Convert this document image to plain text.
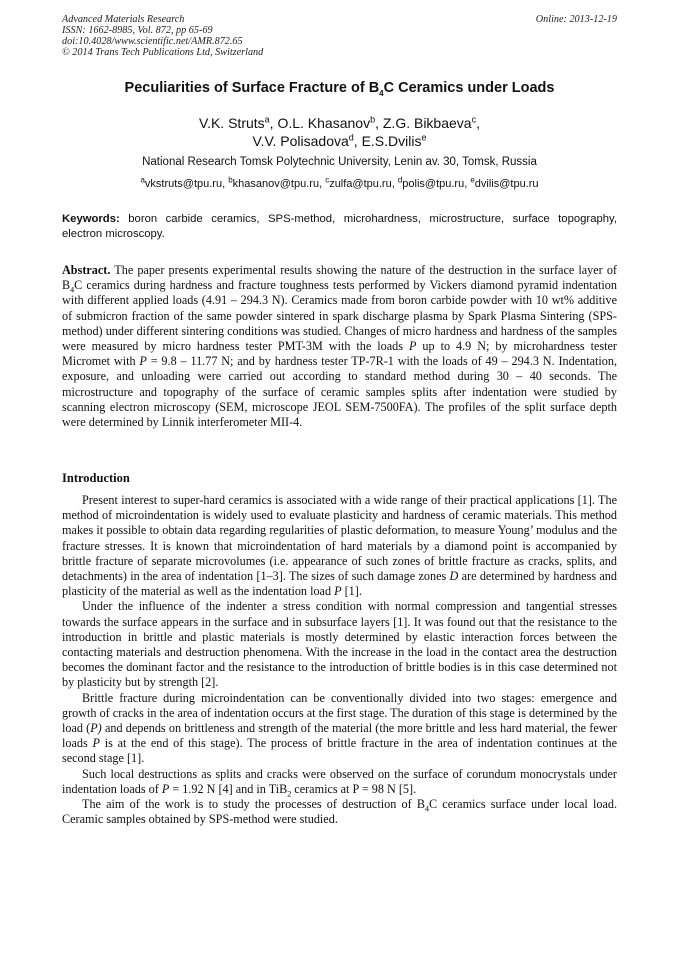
Advanced Materials Research
ISSN: 1662-8985, Vol. 872, pp 65-69
doi:10.4028/www.scientific.net/AMR.872.65
© 2014 Trans Tech Publications Ltd, Switzerland
Online: 2013-12-19
Peculiarities of Surface Fracture of $B_4C$ Ceramics under Loads
V.K. Struts$^a$, O.L. Khasanov$^b$, Z.G. Bikbaeva$^c$,
V.V. Polisadova$^d$, E.S.Dvilis$^e$
National Research Tomsk Polytechnic University, Lenin av. 30, Tomsk, Russia
$^a$vkstruts@tpu.ru, $^b$khasanov@tpu.ru, $^c$zulfa@tpu.ru, $^d$polis@tpu.ru, $^e$dvilis@tpu.ru
Keywords: boron carbide ceramics, SPS-method, microhardness, microstructure, surface topography, electron microscopy.
Abstract. The paper presents experimental results showing the nature of the destruction in the surface layer of $B_4C$ ceramics during hardness and fracture toughness tests performed by Vickers diamond pyramid indentation with different applied loads (4.91 – 294.3 N). Ceramics made from boron carbide powder with 10 wt% additive of submicron fraction of the same powder sintered in spark discharge plasma by Spark Plasma Sintering (SPS-method) under different sintering conditions was studied. Changes of micro hardness and hardness of the samples were measured by micro hardness tester PMT-3M with the loads P up to 4.9 N; by microhardness tester Micromet with P = 9.8 – 11.77 N; and by hardness tester TP-7R-1 with the loads of 49 – 294.3 N. Indentation, exposure, and unloading were carried out according to standard method during 30 – 40 seconds. The microstructure and topography of the surface of ceramic samples splits after indentation were studied by scanning electron microscopy (SEM, microscope JEOL SEM-7500FA). The profiles of the split surface depth were determined by Linnik interferometer MII-4.
Introduction

Present interest to super-hard ceramics is associated with a wide range of their practical applications [1]. The method of microindentation is widely used to evaluate plasticity and hardness of ceramic materials. This method makes it possible to obtain data regarding regularities of plastic deformation, to measure Young’ modulus and the fracture stresses. It is known that microindentation of hard materials by a diamond point is accompanied by brittle fracture of separate microvolumes (i.e. appearance of such zones of brittle fracture as cracks, splits, and detachments) in the area of indentation [1–3]. The sizes of such damage zones D are determined by hardness and plasticity of the material as well as the indentation load P [1].

Under the influence of the indenter a stress condition with normal compression and tangential stresses towards the surface appears in the surface and in subsurface layers [1]. It was found out that the resistance to the introduction in brittle and plastic materials is mostly determined by elastic interaction forces between the contacting materials and destruction phenomena. With the increase in the load in the contact area the destruction becomes the dominant factor and the resistance to the introduction of brittle bodies is in this case determined not by plasticity but by strength [2].

Brittle fracture during microindentation can be conventionally divided into two stages: emergence and growth of cracks in the area of indentation occurs at the first stage. The duration of this stage is determined by the load (P) and depends on brittleness and strength of the material (the more brittle and less hard material, the fewer loads P is at the end of this stage). The process of brittle fracture in the area of indentation continues at the second stage [1].

Such local destructions as splits and cracks were observed on the surface of corundum monocrystals under indentation loads of P = 1.92 N [4] and in TiB$_2$ ceramics at P = 98 N [5].

The aim of the work is to study the processes of destruction of $B_4C$ ceramics surface under local load. Ceramic samples obtained by SPS-method were studied.
